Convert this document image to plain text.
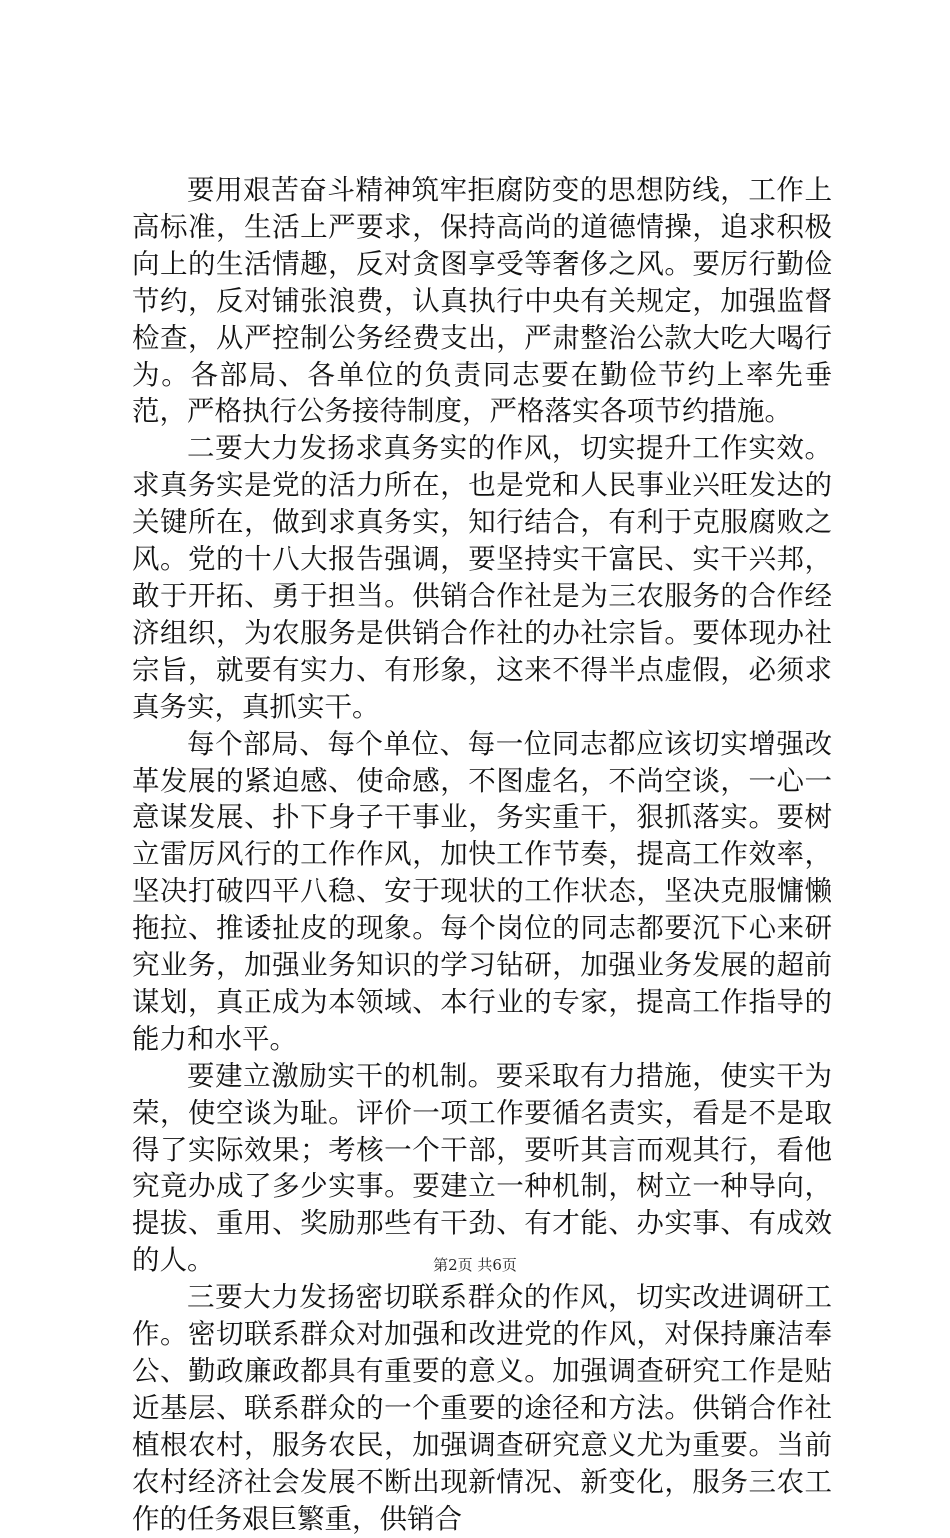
要用艰苦奋斗精神筑牢拒腐防变的思想防线，工作上高标准，生活上严要求，保持高尚的道德情操，追求积极向上的生活情趣，反对贪图享受等奢侈之风。要厉行勤俭节约，反对铺张浪费，认真执行中央有关规定，加强监督检查，从严控制公务经费支出，严肃整治公款大吃大喝行为。各部局、各单位的负责同志要在勤俭节约上率先垂范，严格执行公务接待制度，严格落实各项节约措施。

二要大力发扬求真务实的作风，切实提升工作实效。求真务实是党的活力所在，也是党和人民事业兴旺发达的关键所在，做到求真务实，知行结合，有利于克服腐败之风。党的十八大报告强调，要坚持实干富民、实干兴邦，敢于开拓、勇于担当。供销合作社是为三农服务的合作经济组织，为农服务是供销合作社的办社宗旨。要体现办社宗旨，就要有实力、有形象，这来不得半点虚假，必须求真务实，真抓实干。

每个部局、每个单位、每一位同志都应该切实增强改革发展的紧迫感、使命感，不图虚名，不尚空谈，一心一意谋发展、扑下身子干事业，务实重干，狠抓落实。要树立雷厉风行的工作作风，加快工作节奏，提高工作效率，坚决打破四平八稳、安于现状的工作状态，坚决克服慵懒拖拉、推诿扯皮的现象。每个岗位的同志都要沉下心来研究业务，加强业务知识的学习钻研，加强业务发展的超前谋划，真正成为本领域、本行业的专家，提高工作指导的能力和水平。

要建立激励实干的机制。要采取有力措施，使实干为荣，使空谈为耻。评价一项工作要循名责实，看是不是取得了实际效果；考核一个干部，要听其言而观其行，看他究竟办成了多少实事。要建立一种机制，树立一种导向，提拔、重用、奖励那些有干劲、有才能、办实事、有成效的人。

三要大力发扬密切联系群众的作风，切实改进调研工作。密切联系群众对加强和改进党的作风，对保持廉洁奉公、勤政廉政都具有重要的意义。加强调查研究工作是贴近基层、联系群众的一个重要的途径和方法。供销合作社植根农村，服务农民，加强调查研究意义尤为重要。当前农村经济社会发展不断出现新情况、新变化，服务三农工作的任务艰巨繁重，供销合

第2页 共6页
